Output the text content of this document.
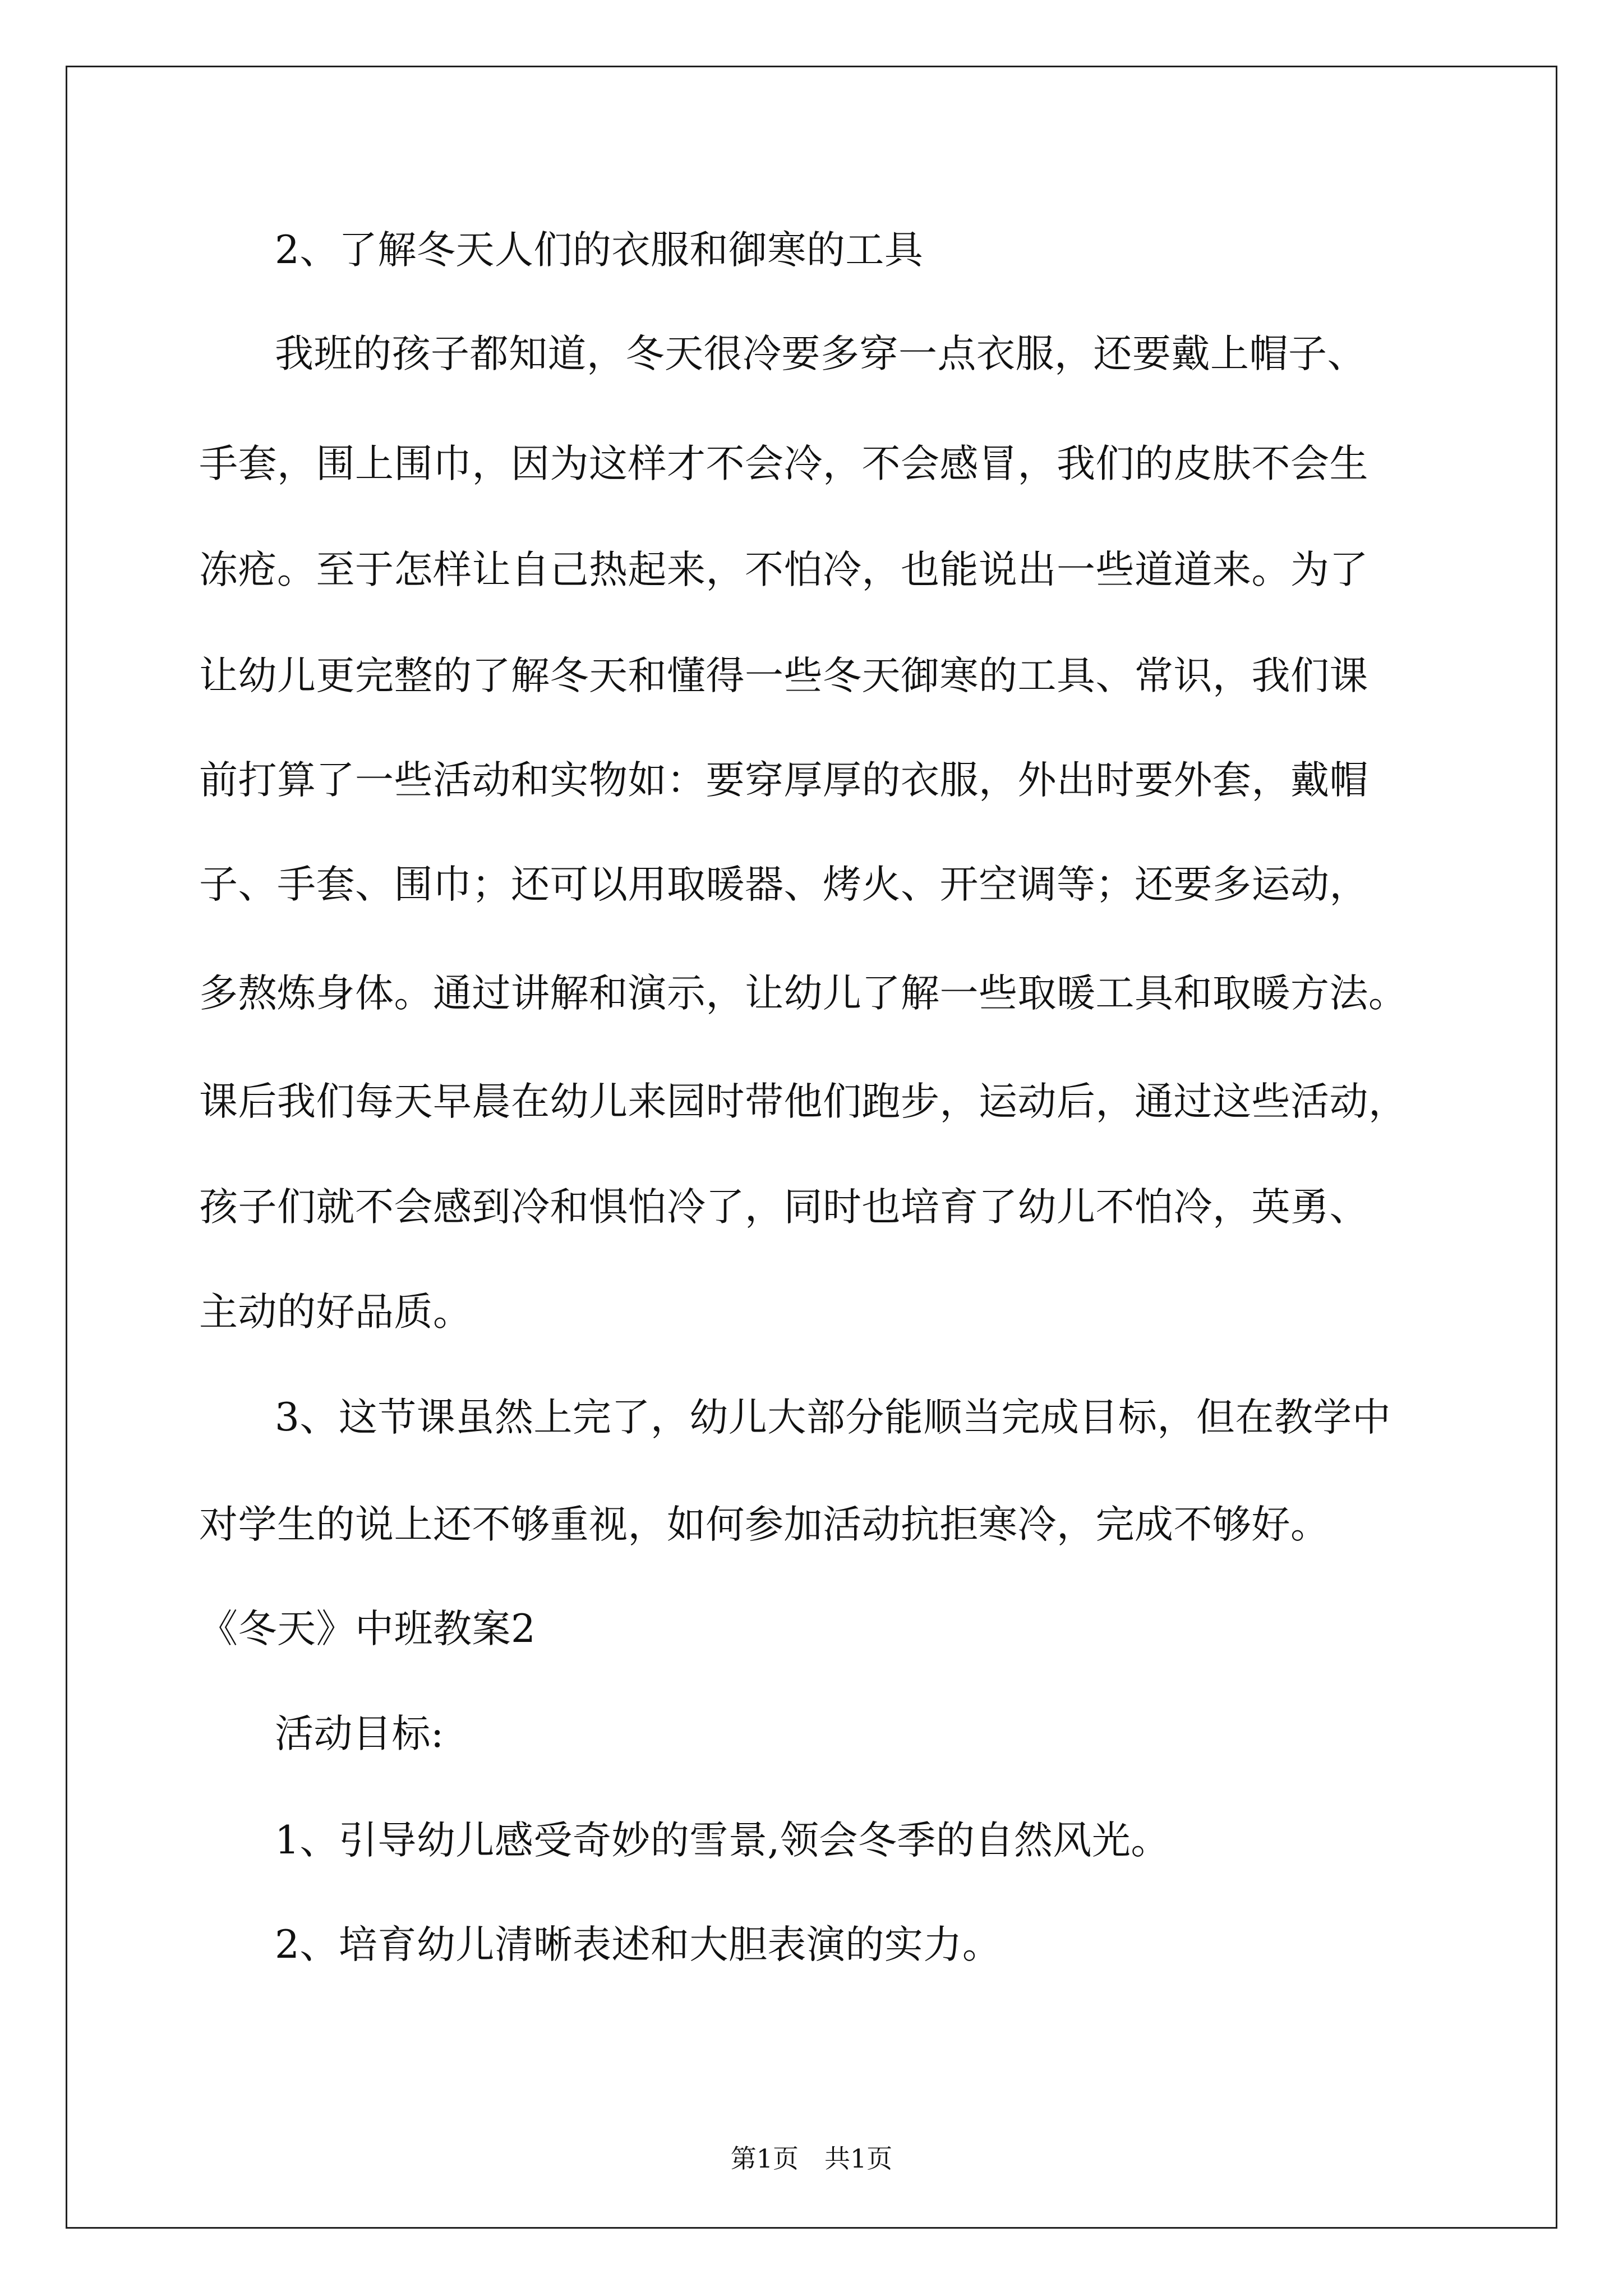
2、了解冬天人们的衣服和御寒的工具
我班的孩子都知道，冬天很冷要多穿一点衣服，还要戴上帽子、
手套，围上围巾，因为这样才不会冷，不会感冒，我们的皮肤不会生
冻疮。至于怎样让自己热起来，不怕冷，也能说出一些道道来。为了
让幼儿更完整的了解冬天和懂得一些冬天御寒的工具、常识，我们课
前打算了一些活动和实物如：要穿厚厚的衣服，外出时要外套，戴帽
子、手套、围巾；还可以用取暖器、烤火、开空调等；还要多运动，
多熬炼身体。通过讲解和演示，让幼儿了解一些取暖工具和取暖方法。
课后我们每天早晨在幼儿来园时带他们跑步，运动后，通过这些活动，
孩子们就不会感到冷和惧怕冷了，同时也培育了幼儿不怕冷，英勇、
主动的好品质。
3、这节课虽然上完了，幼儿大部分能顺当完成目标，但在教学中
对学生的说上还不够重视，如何参加活动抗拒寒冷，完成不够好。
《冬天》中班教案2
活动目标:
1、引导幼儿感受奇妙的雪景,领会冬季的自然风光。
2、培育幼儿清晰表述和大胆表演的实力。
第1页　共1页
